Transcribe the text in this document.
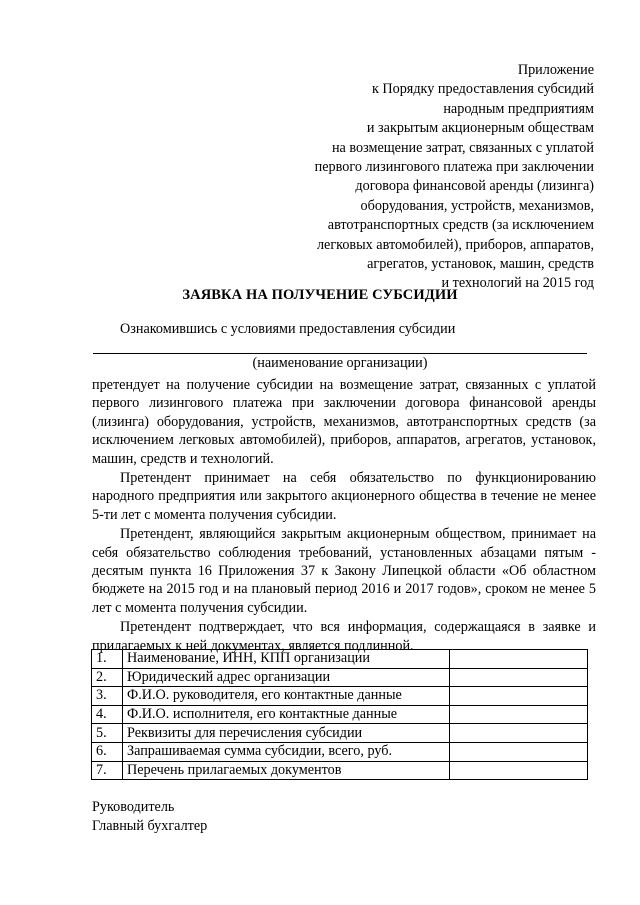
Приложение
к Порядку предоставления субсидий
народным предприятиям
и закрытым акционерным обществам
на возмещение затрат, связанных с уплатой
первого лизингового платежа при заключении
договора финансовой аренды (лизинга)
оборудования, устройств, механизмов,
автотранспортных средств (за исключением
легковых автомобилей), приборов, аппаратов,
агрегатов, установок, машин, средств
и технологий на 2015 год
ЗАЯВКА НА ПОЛУЧЕНИЕ СУБСИДИИ
Ознакомившись с условиями предоставления субсидии
(наименование организации)

претендует на получение субсидии на возмещение затрат, связанных с уплатой первого лизингового платежа при заключении договора финансовой аренды (лизинга) оборудования, устройств, механизмов, автотранспортных средств (за исключением легковых автомобилей), приборов, аппаратов, агрегатов, установок, машин, средств и технологий.

Претендент принимает на себя обязательство по функционированию народного предприятия или закрытого акционерного общества в течение не менее 5-ти лет с момента получения субсидии.

Претендент, являющийся закрытым акционерным обществом, принимает на себя обязательство соблюдения требований, установленных абзацами пятым - десятым пункта 16 Приложения 37 к Закону Липецкой области «Об областном бюджете на 2015 год и на плановый период 2016 и 2017 годов», сроком не менее 5 лет с момента получения субсидии.

Претендент подтверждает, что вся информация, содержащаяся в заявке и прилагаемых к ней документах, является подлинной.

1.	Наименование, ИНН, КПП организации	
2.	Юридический адрес организации	
3.	Ф.И.О. руководителя, его контактные данные	
4.	Ф.И.О. исполнителя, его контактные данные	
5.	Реквизиты для перечисления субсидии	
6.	Запрашиваемая сумма субсидии, всего, руб.	
7.	Перечень прилагаемых документов	
Руководитель
Главный бухгалтер
